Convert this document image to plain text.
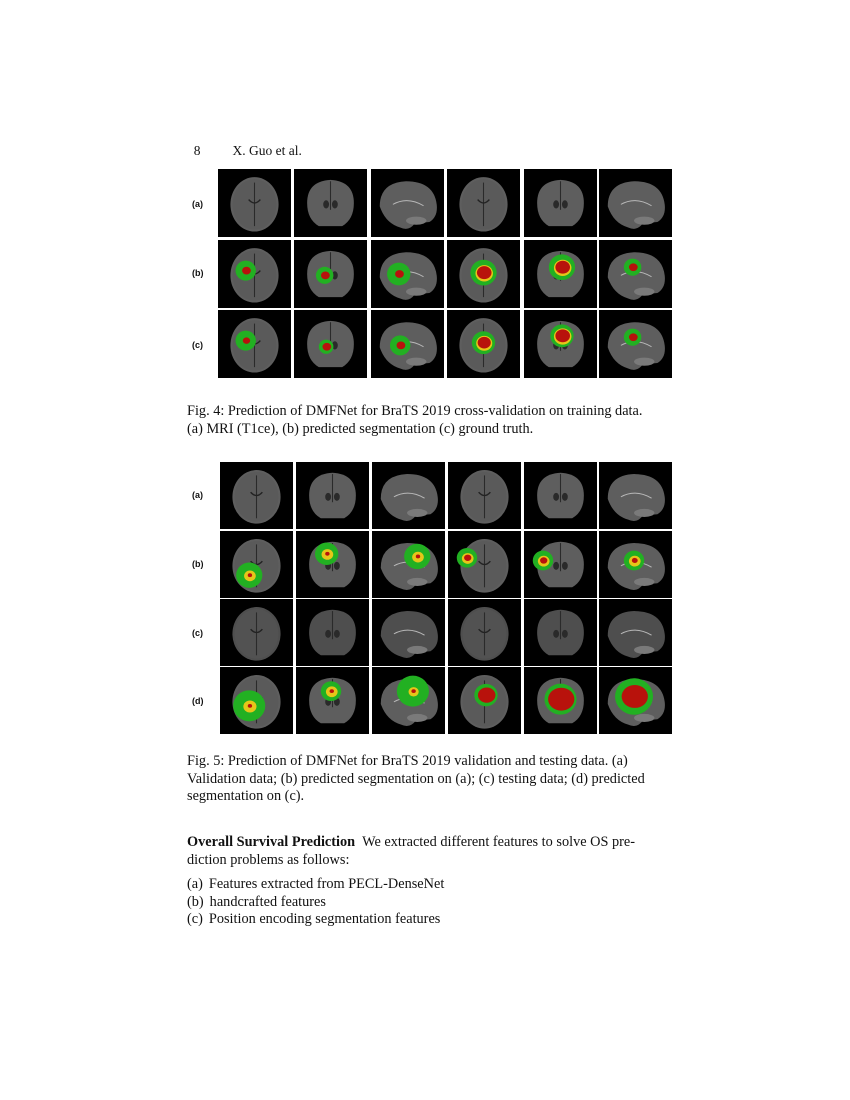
8 X. Guo et al.

(a)
(b)
(c)
Fig. 4: Prediction of DMFNet for BraTS 2019 cross-validation on training data.
(a) MRI (T1ce), (b) predicted segmentation (c) ground truth.
(a)
(b)
(c)
(d)
Fig. 5: Prediction of DMFNet for BraTS 2019 validation and testing data. (a)
Validation data; (b) predicted segmentation on (a); (c) testing data; (d) predicted
segmentation on (c).
Overall Survival Prediction We extracted different features to solve OS pre-
diction problems as follows:
(a) Features extracted from PECL-DenseNet
(b) handcrafted features
(c) Position encoding segmentation features
